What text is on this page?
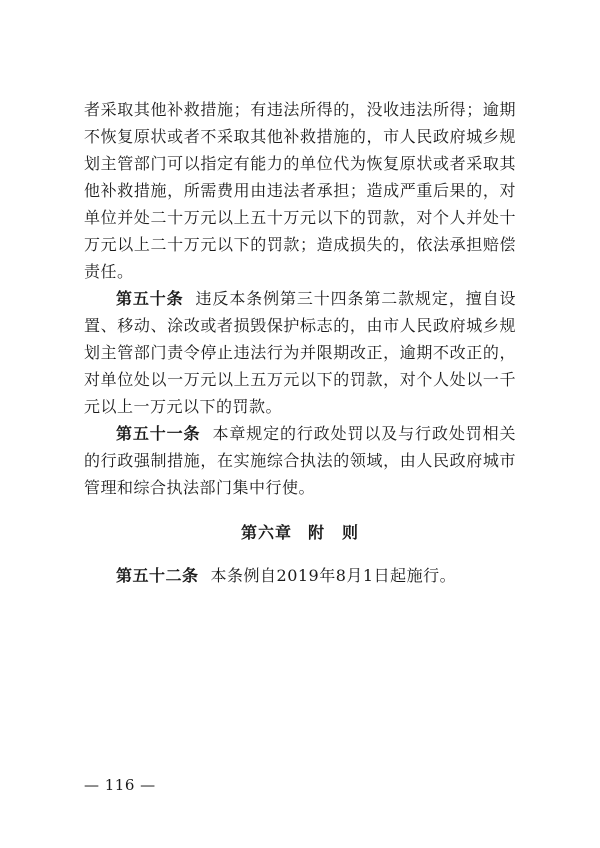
者采取其他补救措施；有违法所得的，没收违法所得；逾期不恢复原状或者不采取其他补救措施的，市人民政府城乡规划主管部门可以指定有能力的单位代为恢复原状或者采取其他补救措施，所需费用由违法者承担；造成严重后果的，对单位并处二十万元以上五十万元以下的罚款，对个人并处十万元以上二十万元以下的罚款；造成损失的，依法承担赔偿责任。

第五十条 违反本条例第三十四条第二款规定，擅自设置、移动、涂改或者损毁保护标志的，由市人民政府城乡规划主管部门责令停止违法行为并限期改正，逾期不改正的，对单位处以一万元以上五万元以下的罚款，对个人处以一千元以上一万元以下的罚款。

第五十一条 本章规定的行政处罚以及与行政处罚相关的行政强制措施，在实施综合执法的领域，由人民政府城市管理和综合执法部门集中行使。

第六章 附　则

第五十二条 本条例自2019年8月1日起施行。

— 116 —
